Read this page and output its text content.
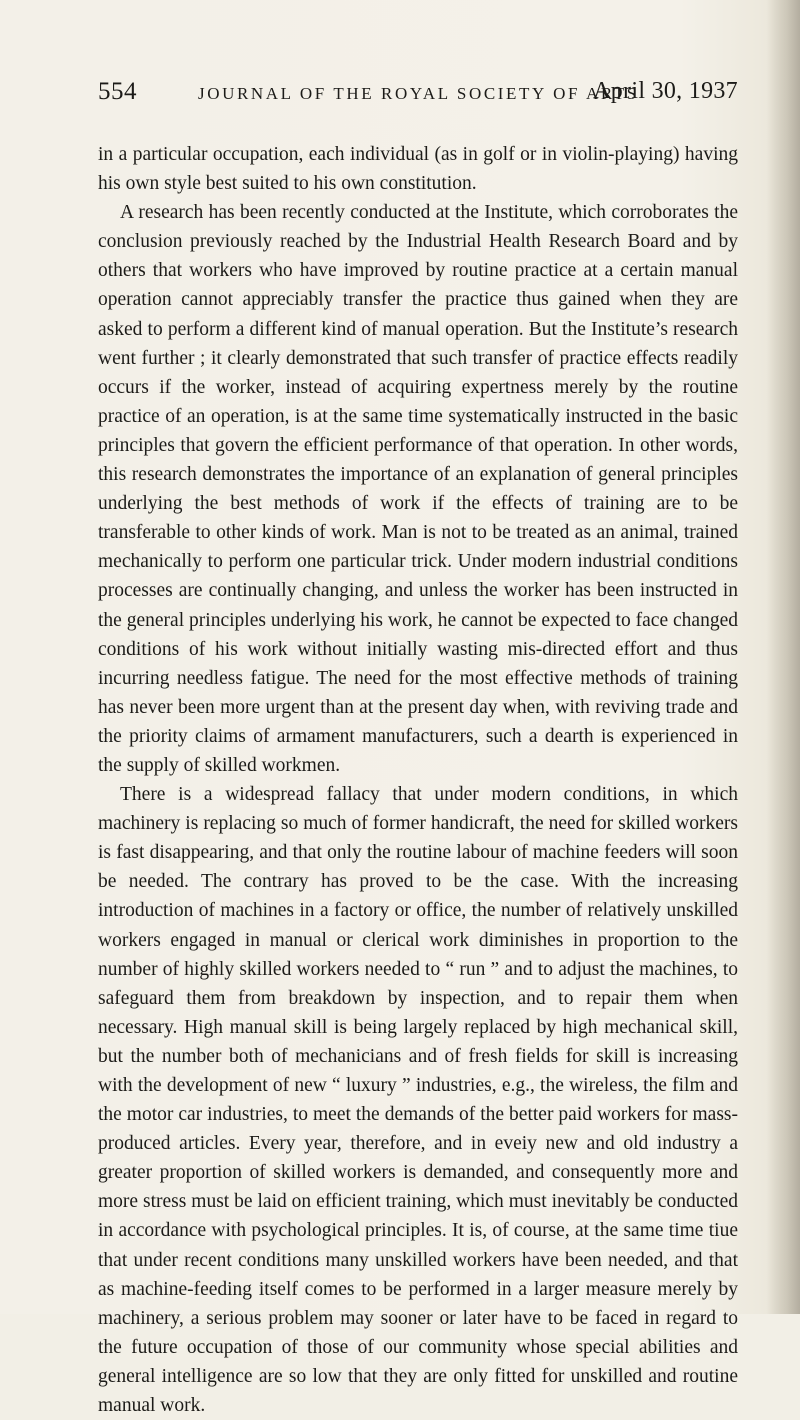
554	JOURNAL OF THE ROYAL SOCIETY OF ARTS
April 30, 1937

in a particular occupation, each individual (as in golf or in violin-playing) having his own style best suited to his own constitution.

A research has been recently conducted at the Institute, which corroborates the conclusion previously reached by the Industrial Health Research Board and by others that workers who have improved by routine practice at a certain manual operation cannot appreciably transfer the practice thus gained when they are asked to perform a different kind of manual operation. But the Institute’s research went further ; it clearly demonstrated that such transfer of practice effects readily occurs if the worker, instead of acquiring expertness merely by the routine practice of an operation, is at the same time systematically instructed in the basic principles that govern the efficient performance of that operation. In other words, this research demonstrates the importance of an explanation of general principles underlying the best methods of work if the effects of training are to be transferable to other kinds of work. Man is not to be treated as an animal, trained mechanically to perform one particular trick. Under modern industrial conditions processes are continually changing, and unless the worker has been instructed in the general principles underlying his work, he cannot be expected to face changed conditions of his work without initially wasting mis-directed effort and thus incurring needless fatigue. The need for the most effective methods of training has never been more urgent than at the present day when, with reviving trade and the priority claims of armament manufacturers, such a dearth is experienced in the supply of skilled workmen.

There is a widespread fallacy that under modern conditions, in which machinery is replacing so much of former handicraft, the need for skilled workers is fast disappearing, and that only the routine labour of machine feeders will soon be needed. The contrary has proved to be the case. With the increasing introduction of machines in a factory or office, the number of relatively unskilled workers engaged in manual or clerical work diminishes in proportion to the number of highly skilled workers needed to “ run ” and to adjust the machines, to safeguard them from breakdown by inspection, and to repair them when necessary. High manual skill is being largely replaced by high mechanical skill, but the number both of mechanicians and of fresh fields for skill is increasing with the development of new “ luxury ” industries, e.g., the wireless, the film and the motor car industries, to meet the demands of the better paid workers for mass-produced articles. Every year, therefore, and in eveiy new and old industry a greater proportion of skilled workers is demanded, and consequently more and more stress must be laid on efficient training, which must inevitably be conducted in accordance with psychological principles. It is, of course, at the same time tiue that under recent conditions many unskilled workers have been needed, and that as machine-feeding itself comes to be performed in a larger measure merely by machinery, a serious problem may sooner or later have to be faced in regard to the future occupation of those of our community whose special abilities and general intelligence are so low that they are only fitted for unskilled and routine manual work.
